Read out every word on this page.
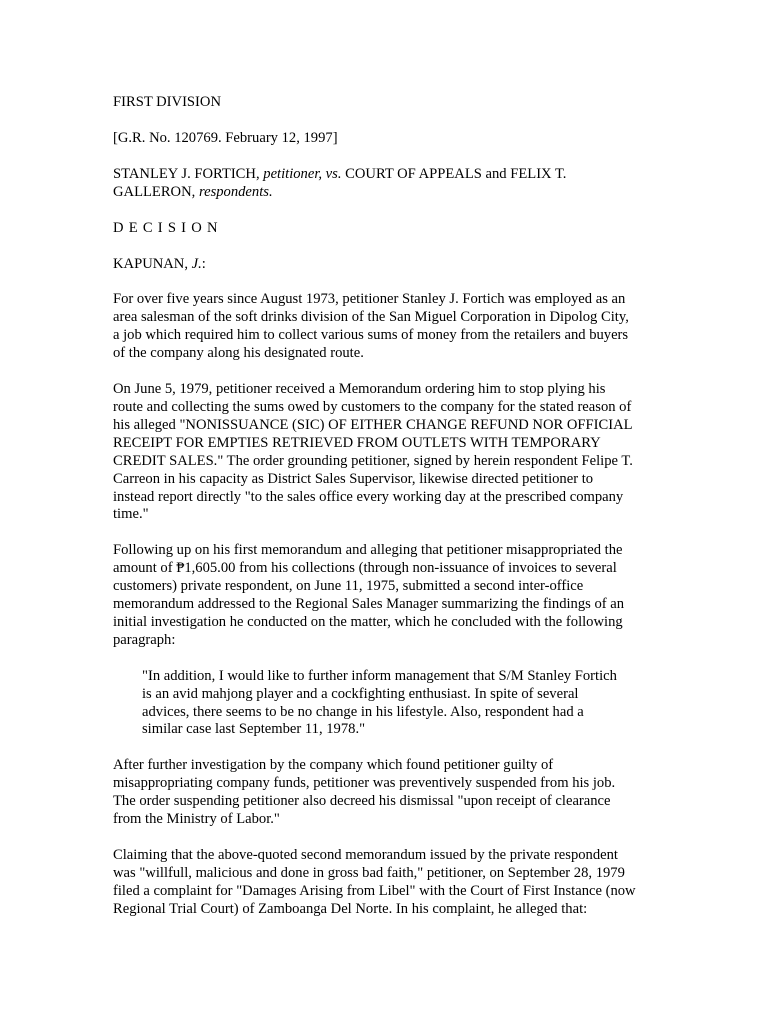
FIRST DIVISION

[G.R. No. 120769. February 12, 1997]

STANLEY J. FORTICH, petitioner, vs. COURT OF APPEALS and FELIX T.
GALLERON, respondents.

DECISION

KAPUNAN, J.:

For over five years since August 1973, petitioner Stanley J. Fortich was employed as an
area salesman of the soft drinks division of the San Miguel Corporation in Dipolog City,
a job which required him to collect various sums of money from the retailers and buyers
of the company along his designated route.
On June 5, 1979, petitioner received a Memorandum ordering him to stop plying his
route and collecting the sums owed by customers to the company for the stated reason of
his alleged "NONISSUANCE (SIC) OF EITHER CHANGE REFUND NOR OFFICIAL
RECEIPT FOR EMPTIES RETRIEVED FROM OUTLETS WITH TEMPORARY
CREDIT SALES." The order grounding petitioner, signed by herein respondent Felipe T.
Carreon in his capacity as District Sales Supervisor, likewise directed petitioner to
instead report directly "to the sales office every working day at the prescribed company
time."
Following up on his first memorandum and alleging that petitioner misappropriated the
amount of ₱1,605.00 from his collections (through non-issuance of invoices to several
customers) private respondent, on June 11, 1975, submitted a second inter-office
memorandum addressed to the Regional Sales Manager summarizing the findings of an
initial investigation he conducted on the matter, which he concluded with the following
paragraph:
"In addition, I would like to further inform management that S/M Stanley Fortich
is an avid mahjong player and a cockfighting enthusiast. In spite of several
advices, there seems to be no change in his lifestyle. Also, respondent had a
similar case last September 11, 1978."
After further investigation by the company which found petitioner guilty of
misappropriating company funds, petitioner was preventively suspended from his job.
The order suspending petitioner also decreed his dismissal "upon receipt of clearance
from the Ministry of Labor."
Claiming that the above-quoted second memorandum issued by the private respondent
was "willfull, malicious and done in gross bad faith," petitioner, on September 28, 1979
filed a complaint for "Damages Arising from Libel" with the Court of First Instance (now
Regional Trial Court) of Zamboanga Del Norte. In his complaint, he alleged that:
